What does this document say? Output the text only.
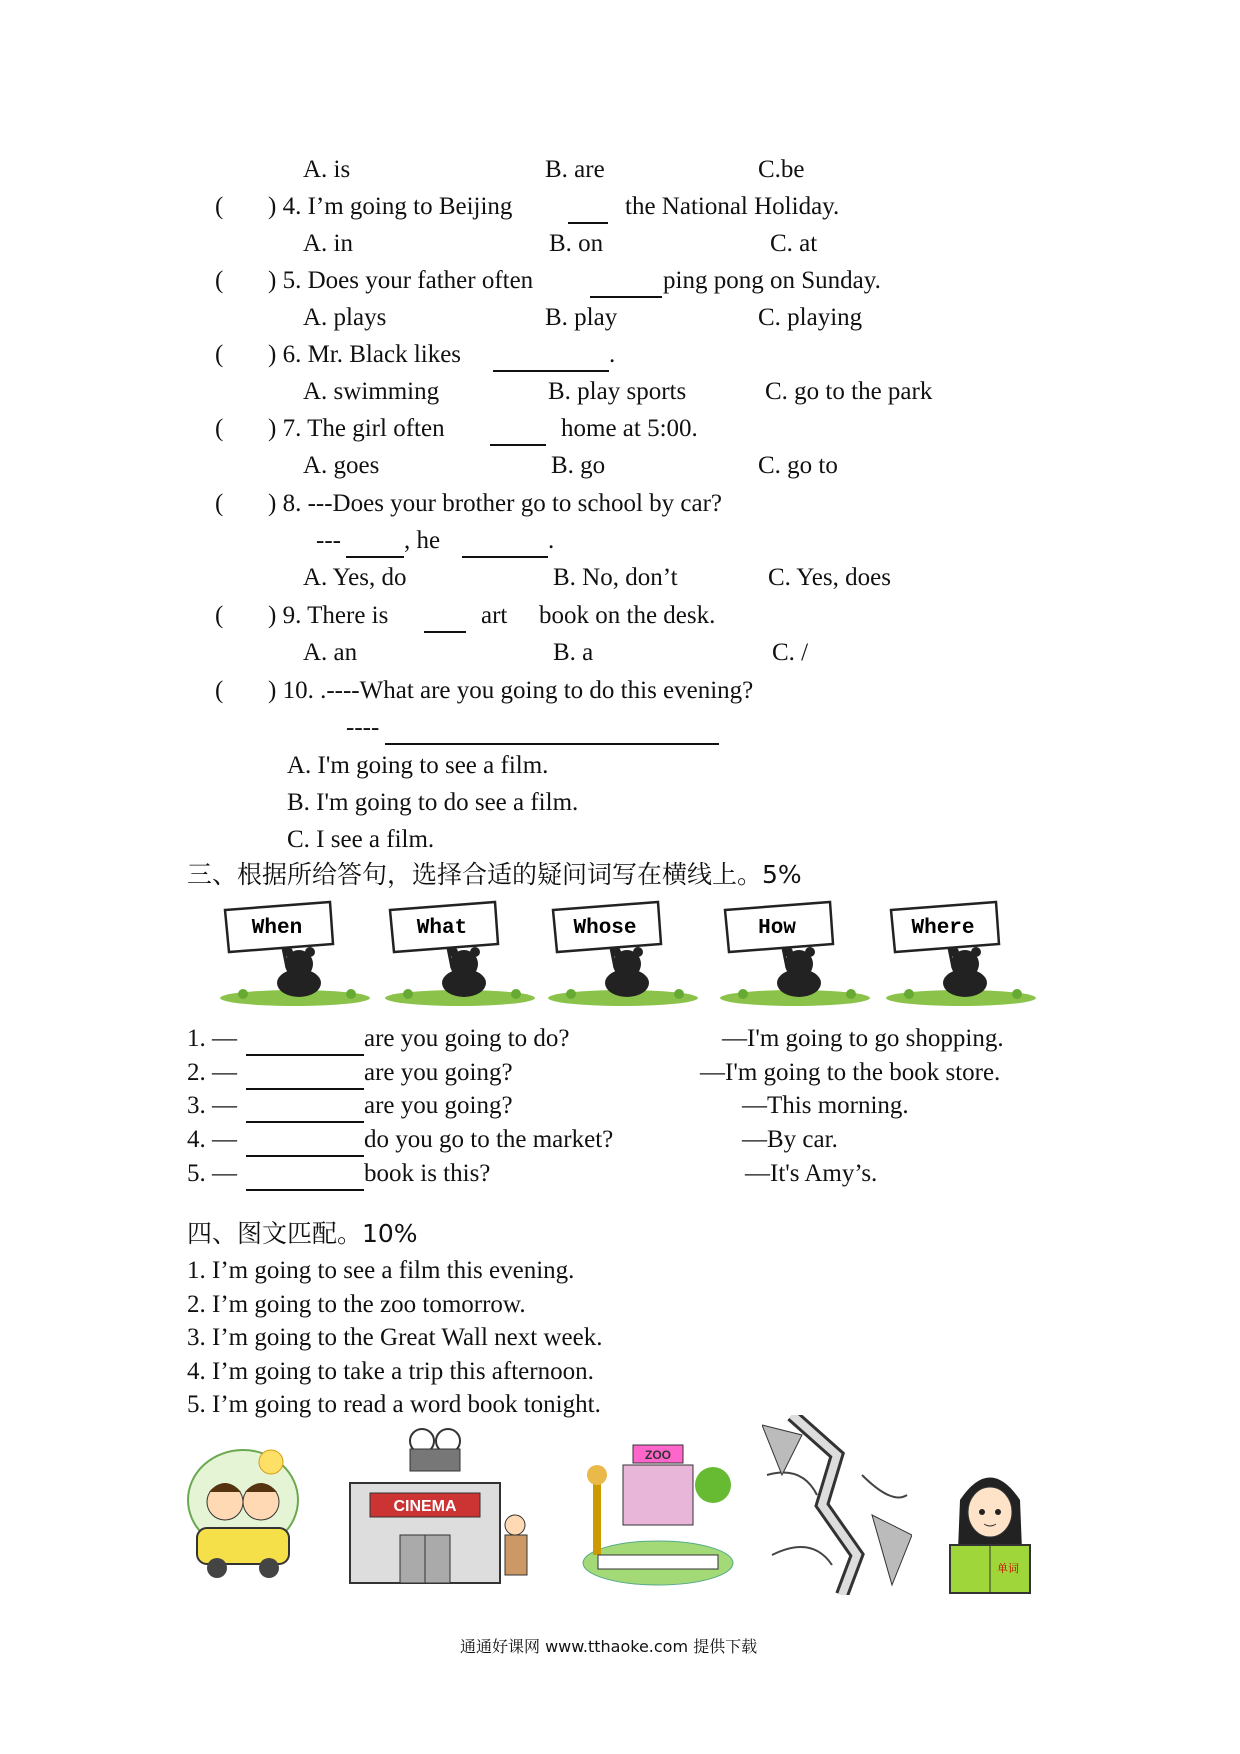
A. is	B. are	C.be
( ) 4. I’m going to Beijing	the National Holiday.
A. in	B. on	C. at
( ) 5. Does your father often	ping pong on Sunday.
A. plays	B. play	C. playing
( ) 6. Mr. Black likes	.
A. swimming	B. play sports	C. go to the park
( ) 7. The girl often	home at 5:00.
A. goes	B. go	C. go to
( ) 8. ---Does your brother go to school by car?
---	, he	.
A. Yes, do	B. No, don’t	C. Yes, does
( ) 9. There is	art book on the desk.
A. an	B. a	C. /
( ) 10. .----What are you going to do this evening?
----
A. I'm going to see a film.
B. I'm going to do see a film.
C. I see a film.
三、根据所给答句，选择合适的疑问词写在横线上。5%
When	What	Whose	How	Where
1. —	are you going to do?	—I'm going to go shopping.
2. —	are you going?	—I'm going to the book store.
3. —	are you going?	—This morning.
4. —	do you go to the market?	—By car.
5. —	book is this?	—It's Amy’s.
四、图文匹配。10%
1. I’m going to see a film this evening.
2. I’m going to the zoo tomorrow.
3. I’m going to the Great Wall next week.
4. I’m going to take a trip this afternoon.
5. I’m going to read a word book tonight.
CINEMA
ZOO
单词
通通好课网 www.tthaoke.com 提供下载
